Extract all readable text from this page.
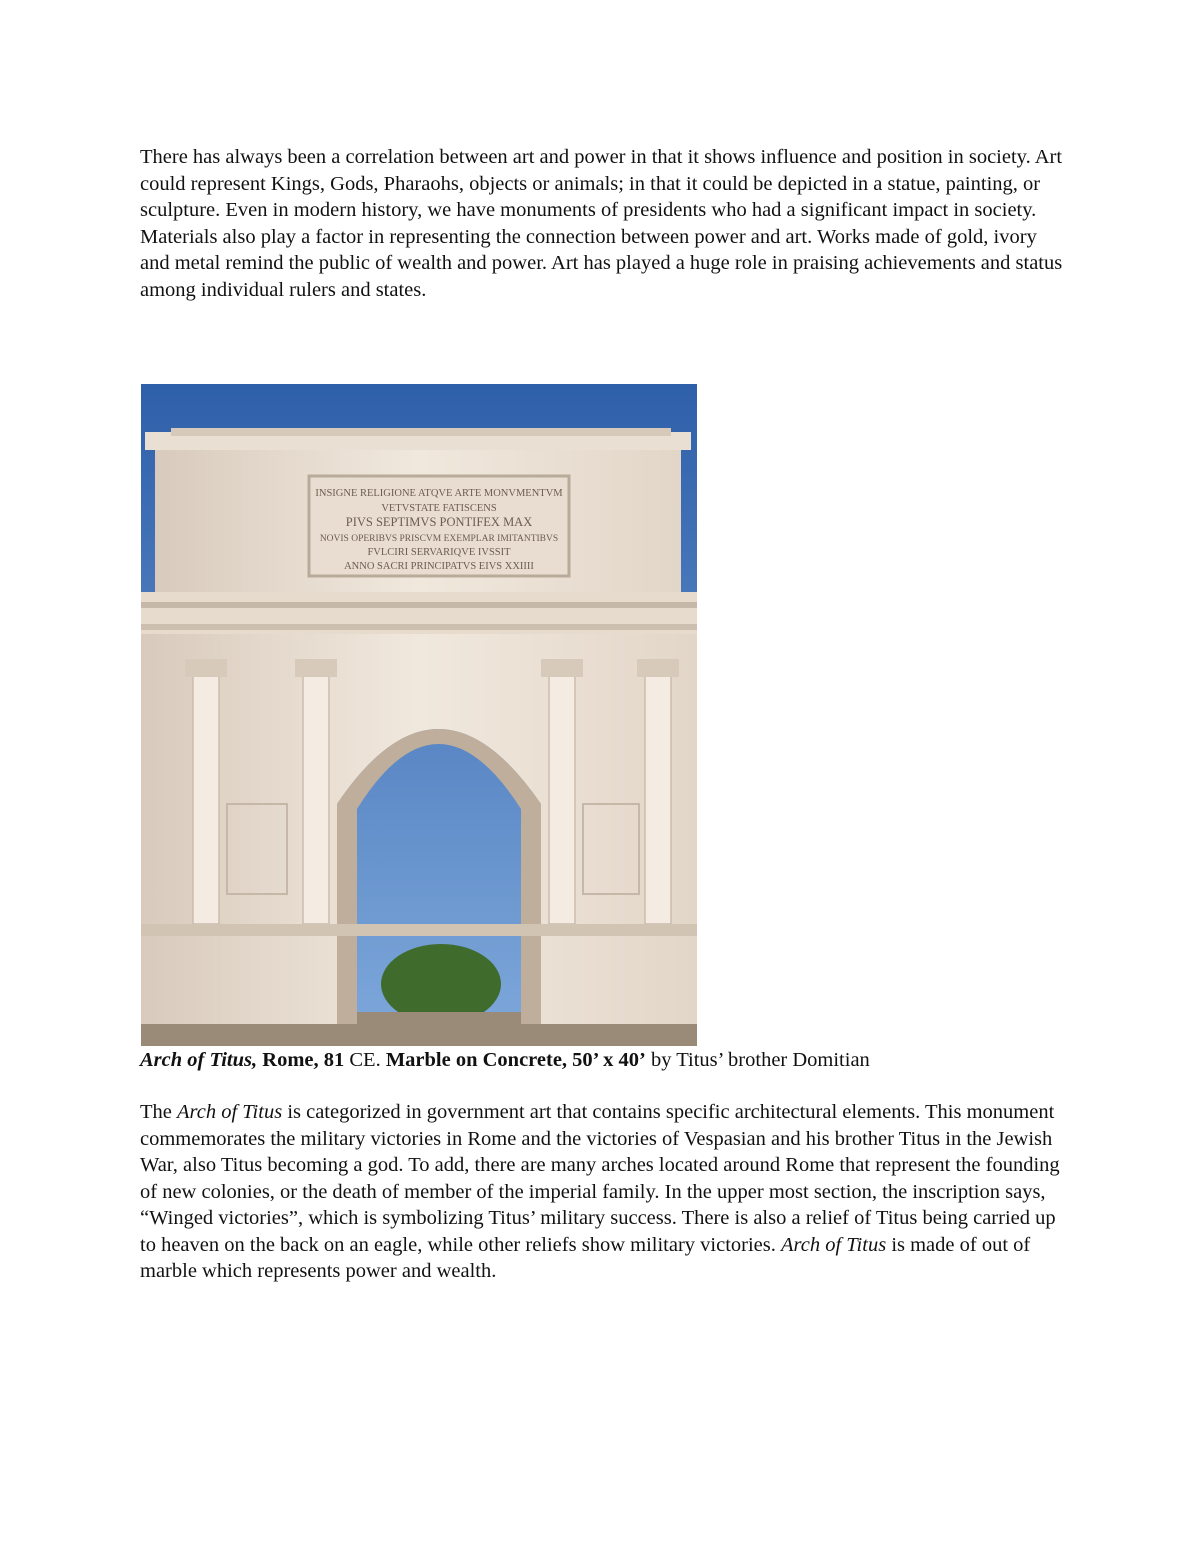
There has always been a correlation between art and power in that it shows influence and position in society. Art could represent Kings, Gods, Pharaohs, objects or animals; in that it could be depicted in a statue, painting, or sculpture. Even in modern history, we have monuments of presidents who had a significant impact in society. Materials also play a factor in representing the connection between power and art. Works made of gold, ivory and metal remind the public of wealth and power. Art has played a huge role in praising achievements and status among individual rulers and states.

INSIGNE RELIGIONE ATQVE ARTE MONVMENTVM
VETVSTATE FATISCENS
PIVS SEPTIMVS PONTIFEX MAX
NOVIS OPERIBVS PRISCVM EXEMPLAR IMITANTIBVS
FVLCIRI SERVARIQVE IVSSIT
ANNO SACRI PRINCIPATVS EIVS XXIIII
Arch of Titus, Rome, 81 CE. Marble on Concrete, 50’ x 40’ by Titus’ brother Domitian

The Arch of Titus is categorized in government art that contains specific architectural elements. This monument commemorates the military victories in Rome and the victories of Vespasian and his brother Titus in the Jewish War, also Titus becoming a god. To add, there are many arches located around Rome that represent the founding of new colonies, or the death of member of the imperial family. In the upper most section, the inscription says, “Winged victories”, which is symbolizing Titus’ military success. There is also a relief of Titus being carried up to heaven on the back on an eagle, while other reliefs show military victories. Arch of Titus is made of out of marble which represents power and wealth.
